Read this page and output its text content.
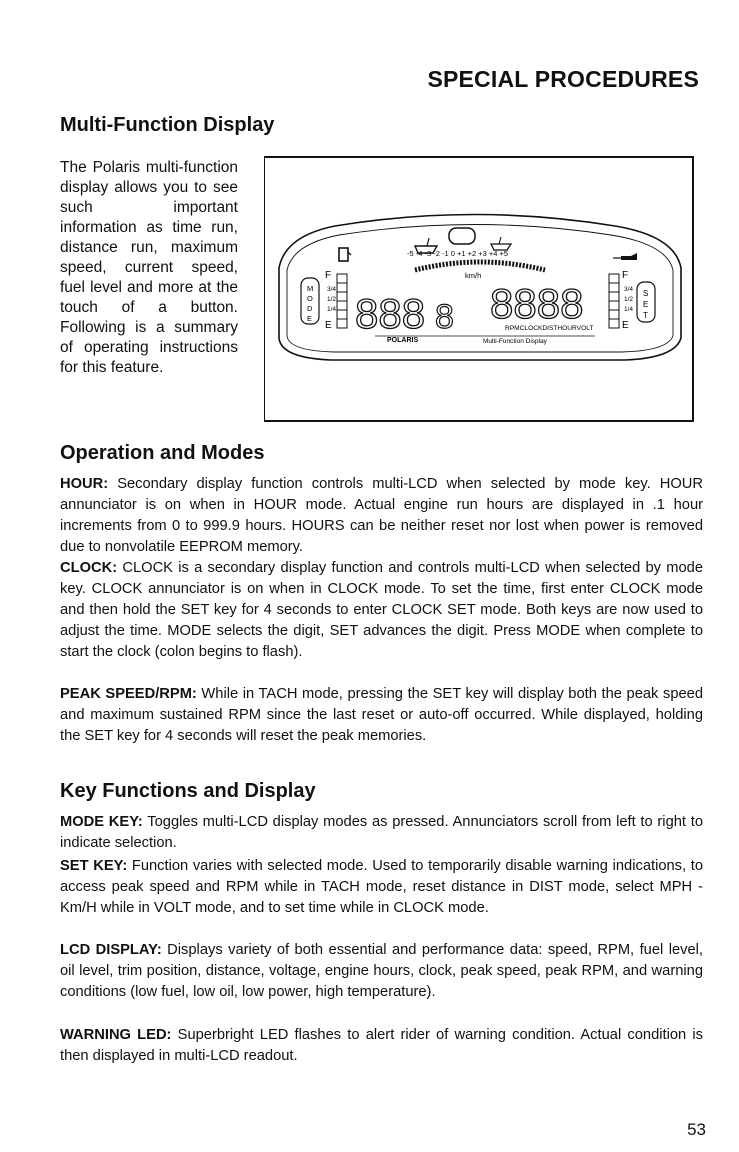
SPECIAL PROCEDURES
Multi-Function Display
The Polaris multi-function display allows you to see such important information as time run, distance run, maximum speed, current speed, fuel level and more at the touch of a button. Following is a summary of operating instructions for this feature.
-5 -4 -3 -2 -1 0 +1 +2 +3 +4 +5
M
O
D
E
F
3/4
1/2
1/4
E 888 8
km/h
8888
RPMCLOCKDISTHOURVOLT
F
3/4
1/2
1/4
E
S
E
T
POLARIS	Multi-Function Display
Operation and Modes
HOUR: Secondary display function controls multi-LCD when selected by mode key. HOUR annunciator is on when in HOUR mode. Actual engine run hours are displayed in .1 hour increments from 0 to 999.9 hours. HOURS can be neither reset nor lost when power is removed due to nonvolatile EEPROM memory.
CLOCK: CLOCK is a secondary display function and controls multi-LCD when selected by mode key. CLOCK annunciator is on when in CLOCK mode. To set the time, first enter CLOCK mode and then hold the SET key for 4 seconds to enter CLOCK SET mode. Both keys are now used to adjust the time. MODE selects the digit, SET advances the digit. Press MODE when complete to start the clock (colon begins to flash).
PEAK SPEED/RPM: While in TACH mode, pressing the SET key will display both the peak speed and maximum sustained RPM since the last reset or auto-off occurred. While displayed, holding the SET key for 4 seconds will reset the peak memories.
Key Functions and Display
MODE KEY: Toggles multi-LCD display modes as pressed. Annunciators scroll from left to right to indicate selection.
SET KEY: Function varies with selected mode. Used to temporarily disable warning indications, to access peak speed and RPM while in TACH mode, reset distance in DIST mode, select MPH - Km/H while in VOLT mode, and to set time while in CLOCK mode.
LCD DISPLAY: Displays variety of both essential and performance data: speed, RPM, fuel level, oil level, trim position, distance, voltage, engine hours, clock, peak speed, peak RPM, and warning conditions (low fuel, low oil, low power, high temperature).
WARNING LED: Superbright LED flashes to alert rider of warning condition. Actual condition is then displayed in multi-LCD readout.
53
